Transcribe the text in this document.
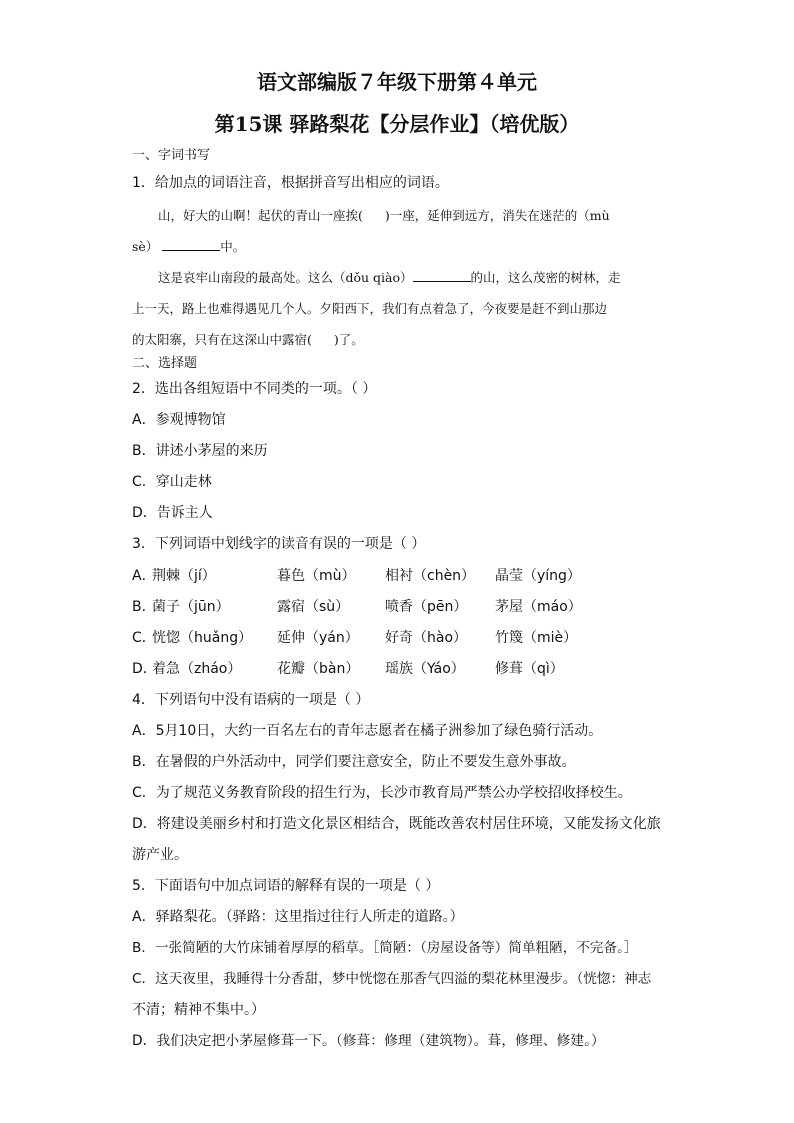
语文部编版７年级下册第４单元
第15课 驿路梨花【分层作业】（培优版）
一、字词书写
1．给加点的词语注音，根据拼音写出相应的词语。
山，好大的山啊！起伏的青山一座挨( )一座，延伸到远方，消失在迷茫的（mù
sè）	中。
这是哀牢山南段的最高处。这么（dǒu qiào）	的山，这么茂密的树林，走
上一天，路上也难得遇见几个人。夕阳西下，我们有点着急了，今夜要是赶不到山那边
的太阳寨，只有在这深山中露宿( )了。
二、选择题
2．选出各组短语中不同类的一项。（ ）
A．参观博物馆
B．讲述小茅屋的来历
C．穿山走林
D．告诉主人
3．下列词语中划线字的读音有误的一项是（ ）
A．荆棘（jí）	暮色（mù） 相衬（chèn） 晶莹（yíng）
B．菌子（jūn）	露宿（sù）	喷香（pēn） 茅屋（máo）
C．恍惚（huǎng） 延伸（yán） 好奇（hào） 竹篾（miè）
D．着急（zháo）	花瓣（bàn） 瑶族（Yáo） 修葺（qì）
4．下列语句中没有语病的一项是（ ）
A．5月10日，大约一百名左右的青年志愿者在橘子洲参加了绿色骑行活动。
B．在暑假的户外活动中，同学们要注意安全，防止不要发生意外事故。
C．为了规范义务教育阶段的招生行为，长沙市教育局严禁公办学校招收择校生。
D．将建设美丽乡村和打造文化景区相结合，既能改善农村居住环境，又能发扬文化旅
游产业。
5．下面语句中加点词语的解释有误的一项是（ ）
A．驿路梨花。（驿路：这里指过往行人所走的道路。）
B．一张简陋的大竹床铺着厚厚的稻草。［简陋：（房屋设备等）简单粗陋，不完备。］
C．这天夜里，我睡得十分香甜，梦中恍惚在那香气四溢的梨花林里漫步。（恍惚：神志
不清；精神不集中。）
D．我们决定把小茅屋修葺一下。（修葺：修理（建筑物）。葺，修理、修建。）
